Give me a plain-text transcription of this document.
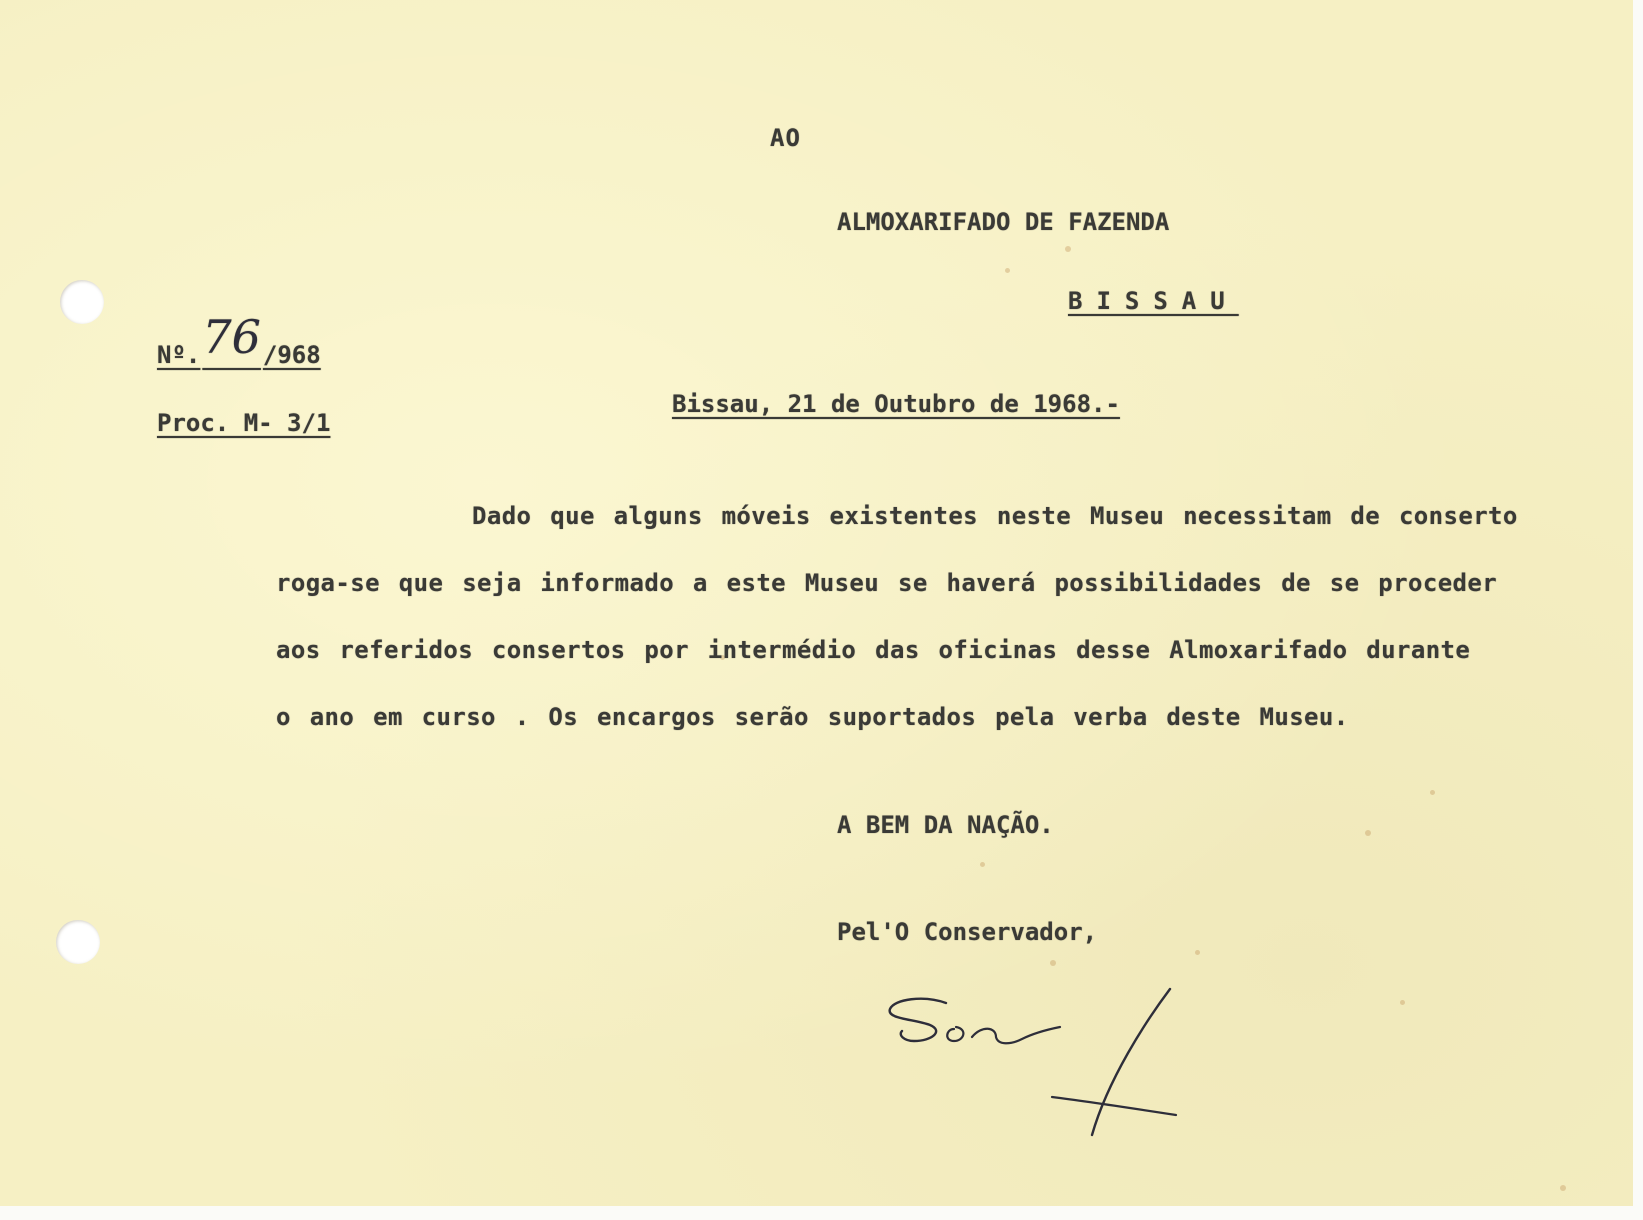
AO
ALMOXARIFADO DE FAZENDA
BISSAU
Nº.76/968
Proc. M- 3/1
Bissau, 21 de Outubro de 1968.-
Dado que alguns móveis existentes neste Museu necessitam de conserto
roga-se que seja informado a este Museu se haverá possibilidades de se proceder
aos referidos consertos por intermédio das oficinas desse Almoxarifado durante
o ano em curso . Os encargos serão suportados pela verba deste Museu.
A BEM DA NAÇÃO.
Pel'O Conservador,
